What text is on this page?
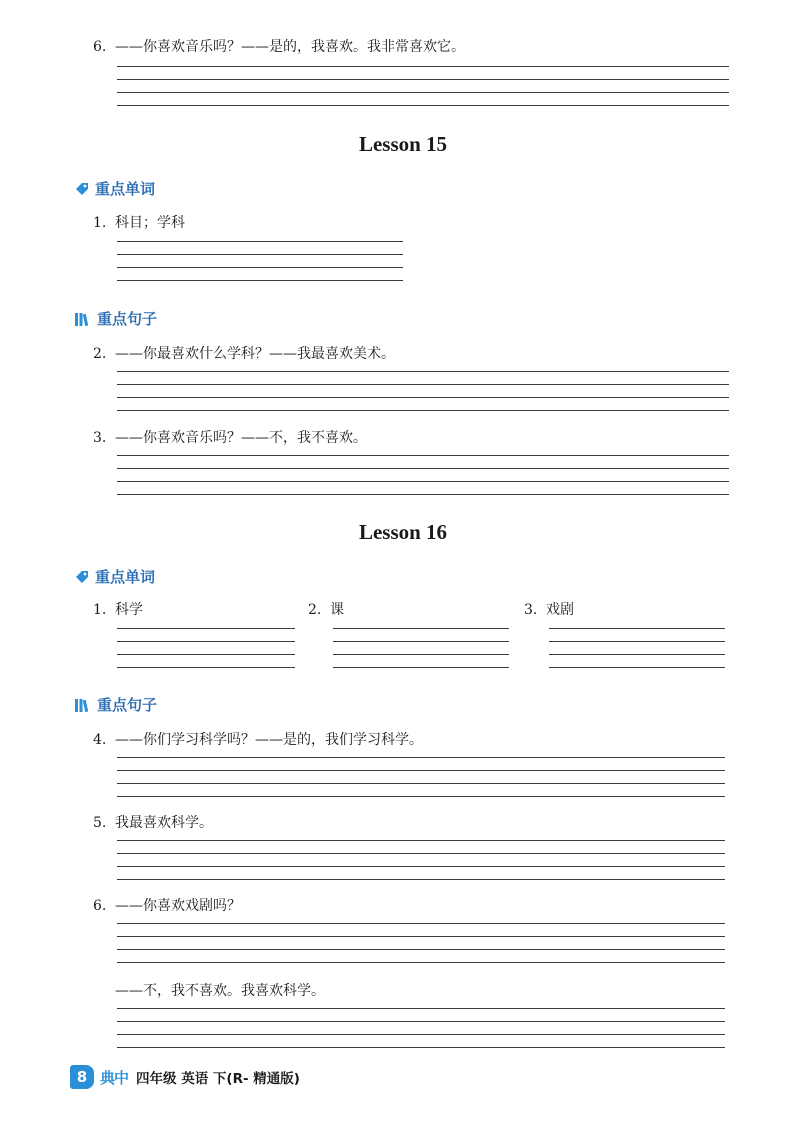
6. ——你喜欢音乐吗？——是的，我喜欢。我非常喜欢它。
Lesson 15
重点单词
1. 科目；学科
重点句子
2. ——你最喜欢什么学科？——我最喜欢美术。
3. ——你喜欢音乐吗？——不，我不喜欢。
Lesson 16
重点单词
1. 科学	2. 课	3. 戏剧
重点句子
4. ——你们学习科学吗？——是的，我们学习科学。
5. 我最喜欢科学。
6. ——你喜欢戏剧吗？
——不，我不喜欢。我喜欢科学。
8 典中 四年级 英语 下(R- 精通版)
